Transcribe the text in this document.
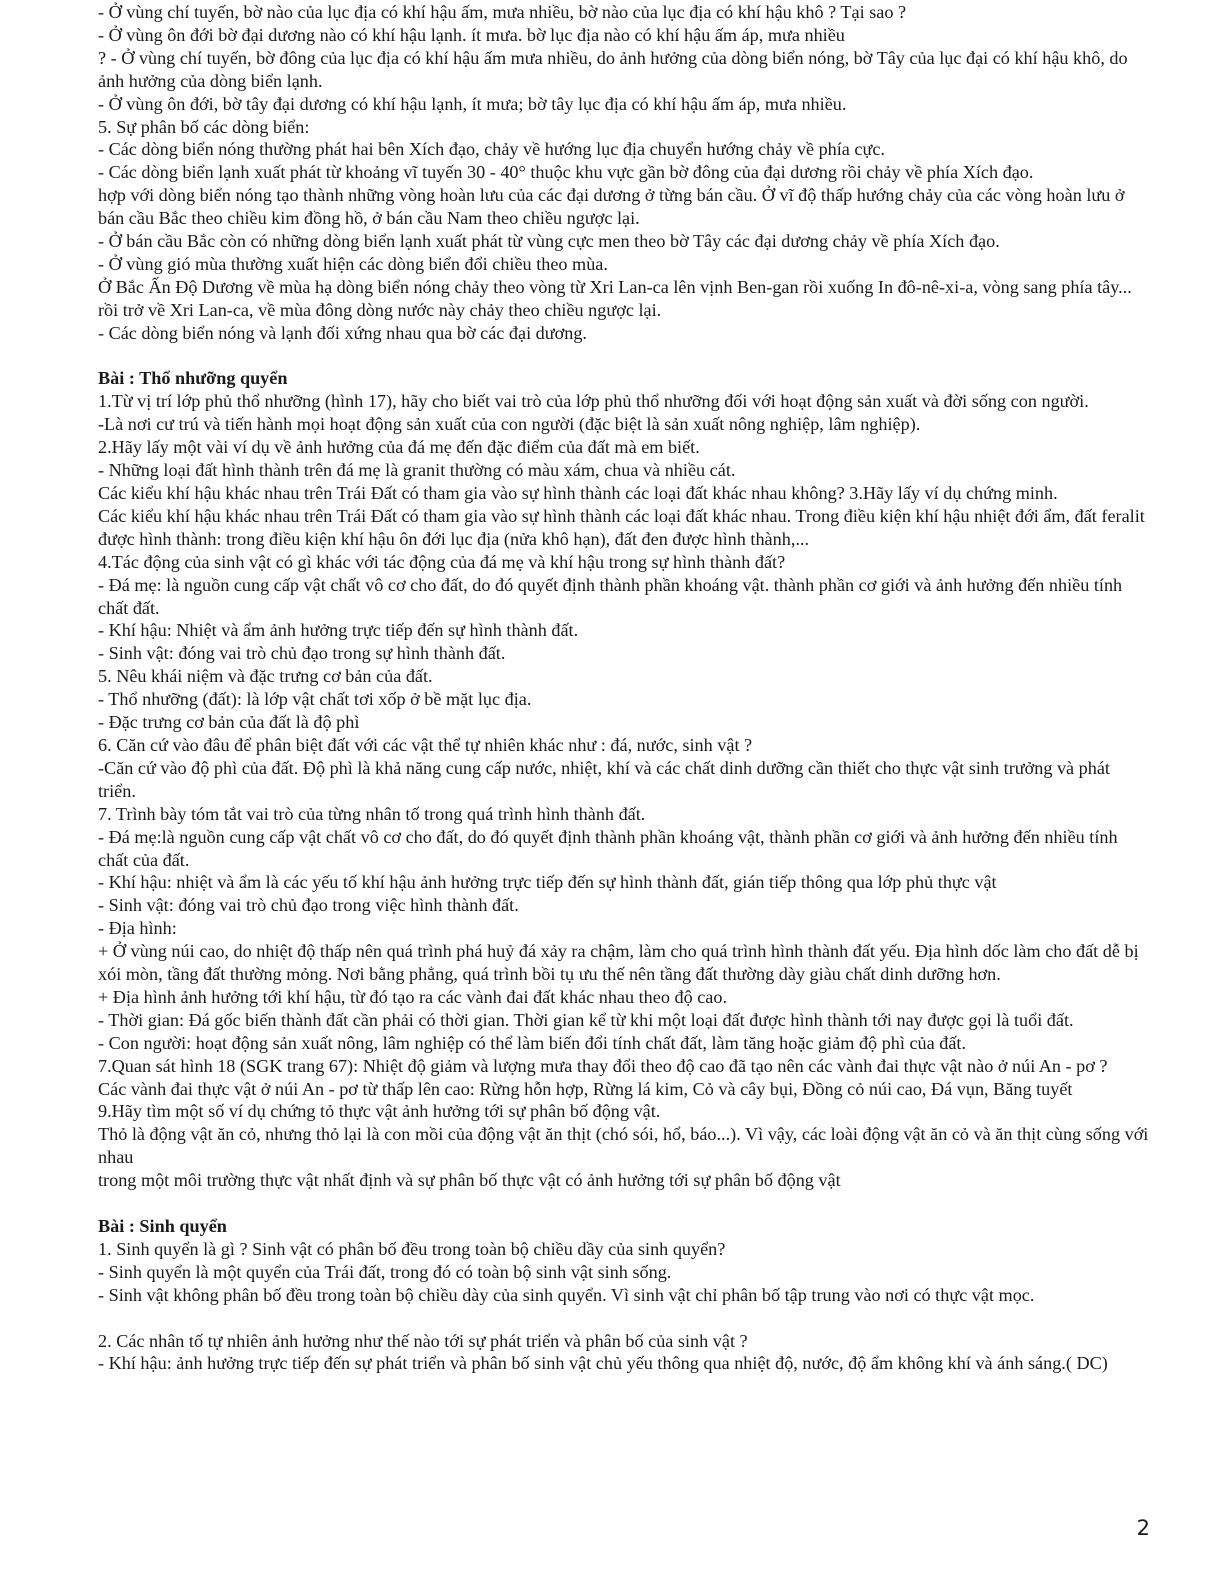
- Ở vùng chí tuyến, bờ nào của lục địa có khí hậu ấm, mưa nhiều, bờ nào của lục địa có khí hậu khô ? Tại sao ?

- Ở vùng ôn đới bờ đại dương nào có khí hậu lạnh. ít mưa. bờ lục địa nào có khí hậu ấm áp, mưa nhiều

? - Ở vùng chí tuyến, bờ đông của lục địa có khí hậu ấm mưa nhiều, do ảnh hưởng của dòng biển nóng, bờ Tây của lục đại có khí hậu khô, do ảnh hưởng của dòng biển lạnh.

- Ở vùng ôn đới, bờ tây đại dương có khí hậu lạnh, ít mưa; bờ tây lục địa có khí hậu ấm áp, mưa nhiều.

5. Sự phân bố các dòng biển:

- Các dòng biển nóng thường phát hai bên Xích đạo, chảy về hướng lục địa chuyển hướng chảy về phía cực.

- Các dòng biển lạnh xuất phát từ khoảng vĩ tuyến 30 - 40° thuộc khu vực gần bờ đông của đại dương rồi chảy về phía Xích đạo.

hợp với dòng biển nóng tạo thành những vòng hoàn lưu của các đại dương ở từng bán cầu. Ở vĩ độ thấp hướng chảy của các vòng hoàn lưu ở bán cầu Bắc theo chiều kim đồng hồ, ở bán cầu Nam theo chiều ngược lại.

- Ở bán cầu Bắc còn có những dòng biển lạnh xuất phát từ vùng cực men theo bờ Tây các đại dương chảy về phía Xích đạo.

- Ở vùng gió mùa thường xuất hiện các dòng biển đổi chiều theo mùa.

Ở Bắc Ấn Độ Dương về mùa hạ dòng biển nóng chảy theo vòng từ Xri Lan-ca lên vịnh Ben-gan rồi xuống In đô-nê-xi-a, vòng sang phía tây... rồi trở về Xri Lan-ca, về mùa đông dòng nước này chảy theo chiều ngược lại.

- Các dòng biển nóng và lạnh đối xứng nhau qua bờ các đại dương.

Bài : Thổ nhưỡng quyển

1.Từ vị trí lớp phủ thổ nhưỡng (hình 17), hãy cho biết vai trò của lớp phủ thổ nhưỡng đối với hoạt động sản xuất và đời sống con người.

-Là nơi cư trú và tiến hành mọi hoạt động sản xuất của con người (đặc biệt là sản xuất nông nghiệp, lâm nghiệp).

2.Hãy lấy một vài ví dụ về ảnh hưởng của đá mẹ đến đặc điểm của đất mà em biết.

- Những loại đất hình thành trên đá mẹ là granit thường có màu xám, chua và nhiều cát.

Các kiểu khí hậu khác nhau trên Trái Đất có tham gia vào sự hình thành các loại đất khác nhau không? 3.Hãy lấy ví dụ chứng minh.

Các kiểu khí hậu khác nhau trên Trái Đất có tham gia vào sự hình thành các loại đất khác nhau. Trong điều kiện khí hậu nhiệt đới ẩm, đất feralit được hình thành: trong điều kiện khí hậu ôn đới lục địa (nửa khô hạn), đất đen được hình thành,...

4.Tác động của sinh vật có gì khác với tác động của đá mẹ và khí hậu trong sự hình thành đất?

- Đá mẹ: là nguồn cung cấp vật chất vô cơ cho đất, do đó quyết định thành phần khoáng vật. thành phần cơ giới và ảnh hưởng đến nhiều tính chất đất.

- Khí hậu: Nhiệt và ẩm ảnh hưởng trực tiếp đến sự hình thành đất.

- Sinh vật: đóng vai trò chủ đạo trong sự hình thành đất.

5. Nêu khái niệm và đặc trưng cơ bản của đất.

- Thổ nhưỡng (đất): là lớp vật chất tơi xốp ở bề mặt lục địa.

- Đặc trưng cơ bản của đất là độ phì

6. Căn cứ vào đâu để phân biệt đất với các vật thể tự nhiên khác như : đá, nước, sinh vật ?

-Căn cứ vào độ phì của đất. Độ phì là khả năng cung cấp nước, nhiệt, khí và các chất dinh dưỡng cần thiết cho thực vật sinh trưởng và phát triển.

7. Trình bày tóm tắt vai trò của từng nhân tố trong quá trình hình thành đất.

- Đá mẹ:là nguồn cung cấp vật chất vô cơ cho đất, do đó quyết định thành phần khoáng vật, thành phần cơ giới và ảnh hưởng đến nhiều tính chất của đất.

- Khí hậu: nhiệt và ẩm là các yếu tố khí hậu ảnh hưởng trực tiếp đến sự hình thành đất, gián tiếp thông qua lớp phủ thực vật

- Sinh vật: đóng vai trò chủ đạo trong việc hình thành đất.

- Địa hình:

+ Ở vùng núi cao, do nhiệt độ thấp nên quá trình phá huỷ đá xảy ra chậm, làm cho quá trình hình thành đất yếu. Địa hình dốc làm cho đất dễ bị xói mòn, tầng đất thường mỏng. Nơi bằng phẳng, quá trình bồi tụ ưu thế nên tầng đất thường dày giàu chất dinh dưỡng hơn.

+ Địa hình ảnh hưởng tới khí hậu, từ đó tạo ra các vành đai đất khác nhau theo độ cao.

- Thời gian: Đá gốc biến thành đất cần phải có thời gian. Thời gian kể từ khi một loại đất được hình thành tới nay được gọi là tuổi đất.

- Con người: hoạt động sản xuất nông, lâm nghiệp có thể làm biến đổi tính chất đất, làm tăng hoặc giảm độ phì của đất.

7.Quan sát hình 18 (SGK trang 67): Nhiệt độ giảm và lượng mưa thay đổi theo độ cao đã tạo nên các vành đai thực vật nào ở núi An - pơ ?

Các vành đai thực vật ở núi An - pơ từ thấp lên cao: Rừng hỗn hợp, Rừng lá kim, Cỏ và cây bụi, Đồng cỏ núi cao, Đá vụn, Băng tuyết

9.Hãy tìm một số ví dụ chứng tỏ thực vật ảnh hưởng tới sự phân bố động vật.

Thỏ là động vật ăn cỏ, nhưng thỏ lại là con mồi của động vật ăn thịt (chó sói, hổ, báo...). Vì vậy, các loài động vật ăn cỏ và ăn thịt cùng sống với nhau

trong một môi trường thực vật nhất định và sự phân bố thực vật có ảnh hưởng tới sự phân bố động vật

Bài : Sinh quyển

1. Sinh quyển là gì ? Sinh vật có phân bố đều trong toàn bộ chiều dầy của sinh quyển?

- Sinh quyển là một quyển của Trái đất, trong đó có toàn bộ sinh vật sinh sống.

- Sinh vật không phân bố đều trong toàn bộ chiều dày của sinh quyển. Vì sinh vật chỉ phân bố tập trung vào nơi có thực vật mọc.

2. Các nhân tố tự nhiên ảnh hưởng như thế nào tới sự phát triển và phân bố của sinh vật ?

- Khí hậu: ảnh hưởng trực tiếp đến sự phát triển và phân bố sinh vật chủ yếu thông qua nhiệt độ, nước, độ ẩm không khí và ánh sáng.( DC)

2
